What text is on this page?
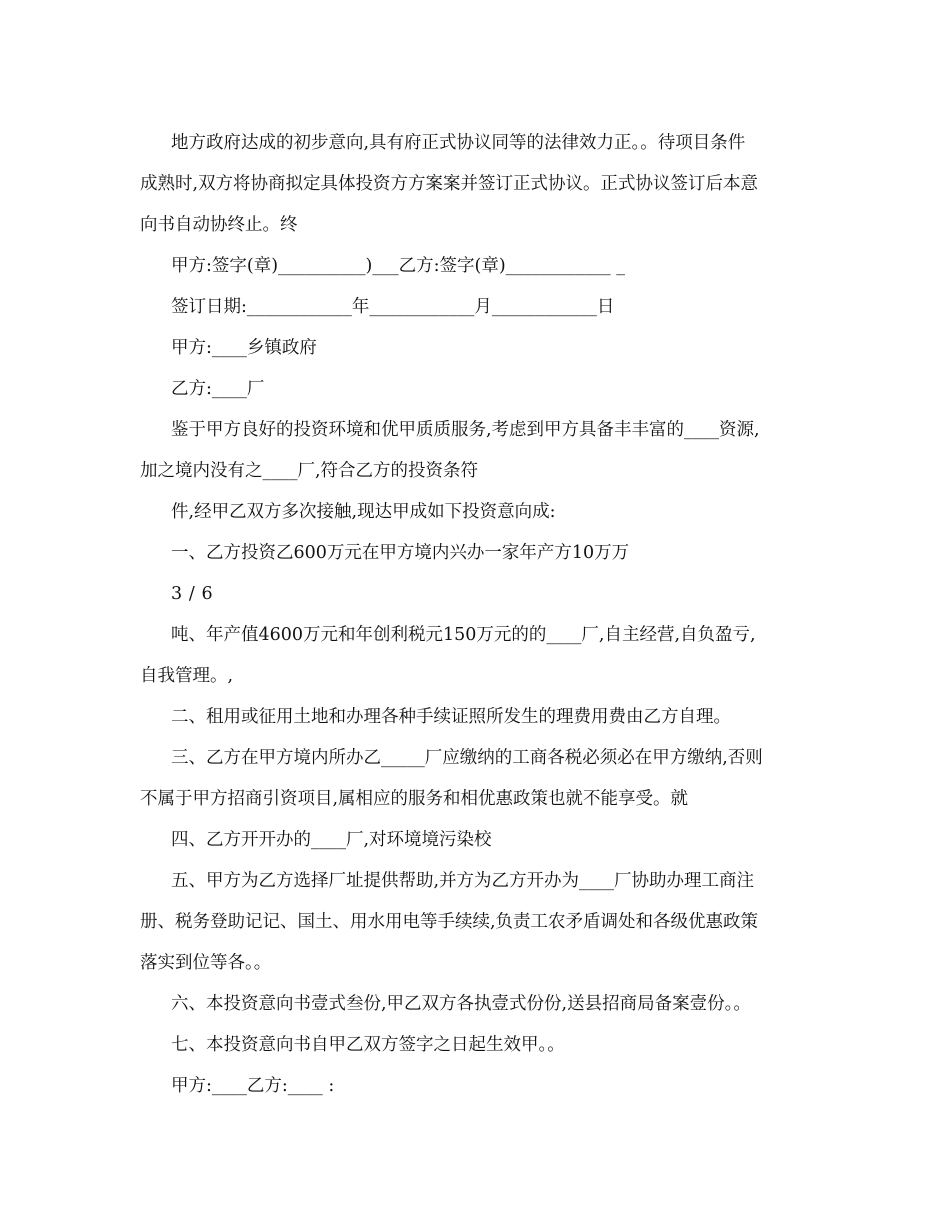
地方政府达成的初步意向,具有府正式协议同等的法律效力正。。待项目条件
成熟时,双方将协商拟定具体投资方方案案并签订正式协议。正式协议签订后本意
向书自动协终止。终
甲方:签字(章)__________)___乙方:签字(章)____________ _
签订日期:____________年____________月____________日
甲方:____乡镇政府
乙方:____厂
鉴于甲方良好的投资环境和优甲质质服务,考虑到甲方具备丰丰富的____资源,
加之境内没有之____厂,符合乙方的投资条符
件,经甲乙双方多次接触,现达甲成如下投资意向成:
一、乙方投资乙600万元在甲方境内兴办一家年产方10万万
3 / 6
吨、年产值4600万元和年创利税元150万元的的____厂,自主经营,自负盈亏,
自我管理。,
二、租用或征用土地和办理各种手续证照所发生的理费用费由乙方自理。
三、乙方在甲方境内所办乙_____厂应缴纳的工商各税必须必在甲方缴纳,否则
不属于甲方招商引资项目,属相应的服务和相优惠政策也就不能享受。就
四、乙方开开办的____厂,对环境境污染校
五、甲方为乙方选择厂址提供帮助,并方为乙方开办为____厂协助办理工商注
册、税务登助记记、国土、用水用电等手续续,负责工农矛盾调处和各级优惠政策
落实到位等各。。
六、本投资意向书壹式叁份,甲乙双方各执壹式份份,送县招商局备案壹份。。
七、本投资意向书自甲乙双方签字之日起生效甲。。
甲方:____乙方:____ :
